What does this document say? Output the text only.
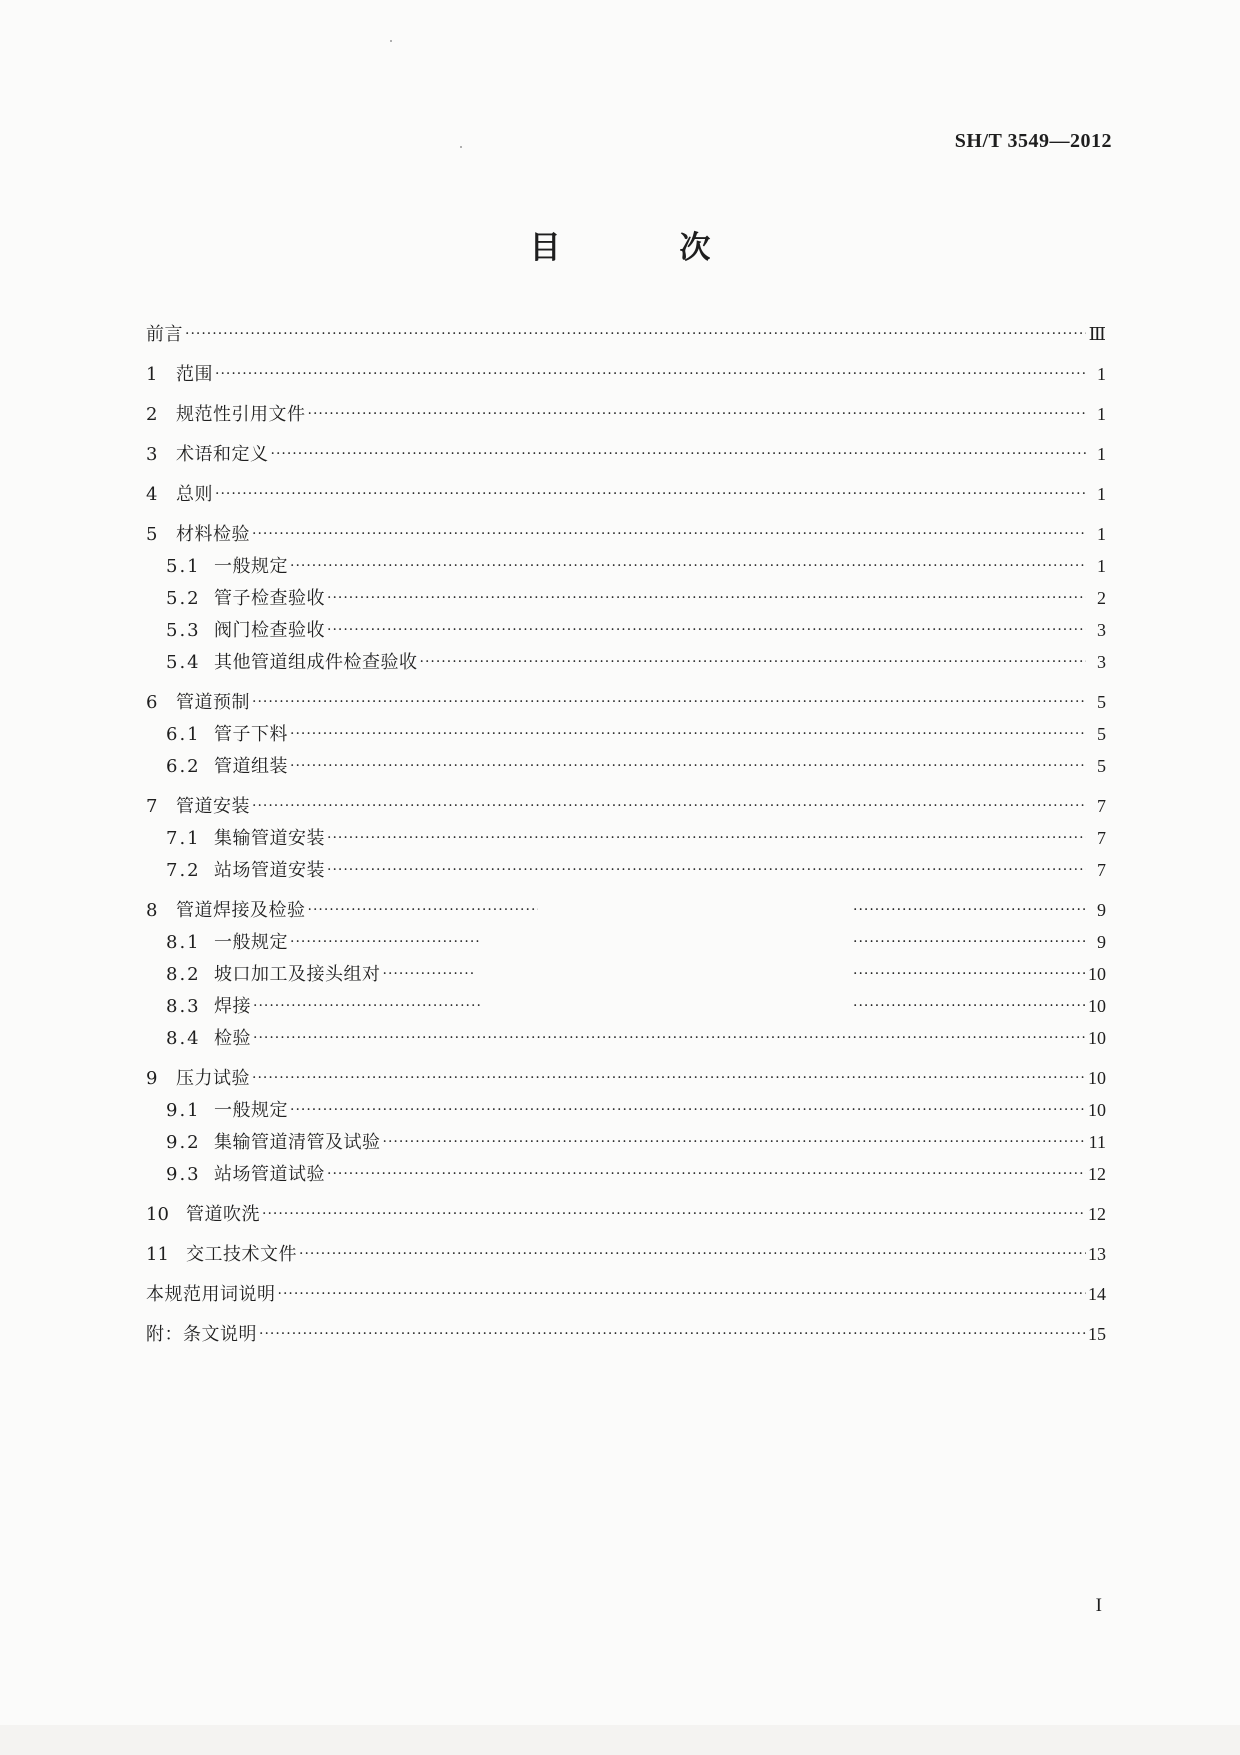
SH/T 3549—2012
目 次
前言 ·····	Ⅲ
1	范围 ·····	1
2	规范性引用文件 ·····	1
3	术语和定义 ·····	1
4	总则 ·····	1
5	材料检验 ·····	1
5.1 一般规定 ·····	1
5.2 管子检查验收 ·····	2
5.3 阀门检查验收 ·····	3
5.4 其他管道组成件检查验收 ·····	3
6	管道预制 ·····	5
6.1 管子下料 ·····	5
6.2 管道组装 ·····	5
7	管道安装 ·····	7
7.1 集输管道安装 ·····	7
7.2 站场管道安装 ·····	7
8	管道焊接及检验 ····· ·····	9
8.1 一般规定 ····· ·····	9
8.2 坡口加工及接头组对 ····· ·····	10
8.3 焊接 ····· ·····	10
8.4 检验 ·····	10
9	压力试验 ·····	10
9.1 一般规定 ·····	10
9.2 集输管道清管及试验 ·····	11
9.3 站场管道试验 ·····	12
10 管道吹洗 ·····	12
11 交工技术文件 ·····	13
本规范用词说明 ·····	14
附：条文说明 ·····	15
I
